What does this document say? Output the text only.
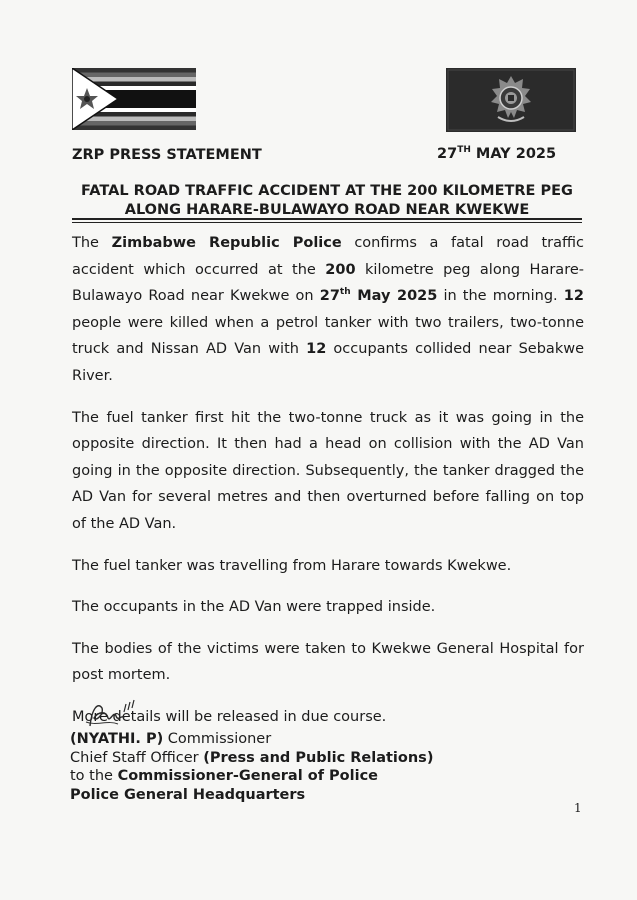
ZRP PRESS STATEMENT	27TH MAY 2025
FATAL ROAD TRAFFIC ACCIDENT AT THE 200 KILOMETRE PEG
ALONG HARARE-BULAWAYO ROAD NEAR KWEKWE

The Zimbabwe Republic Police confirms a fatal road traffic accident which occurred at the 200 kilometre peg along Harare-Bulawayo Road near Kwekwe on 27th May 2025 in the morning. 12 people were killed when a petrol tanker with two trailers, two-tonne truck and Nissan AD Van with 12 occupants collided near Sebakwe River.

The fuel tanker first hit the two-tonne truck as it was going in the opposite direction. It then had a head on collision with the AD Van going in the opposite direction. Subsequently, the tanker dragged the AD Van for several metres and then overturned before falling on top of the AD Van.

The fuel tanker was travelling from Harare towards Kwekwe.

The occupants in the AD Van were trapped inside.

The bodies of the victims were taken to Kwekwe General Hospital for post mortem.

More details will be released in due course.

(NYATHI. P) Commissioner
Chief Staff Officer (Press and Public Relations)
to the Commissioner-General of Police
Police General Headquarters
1
